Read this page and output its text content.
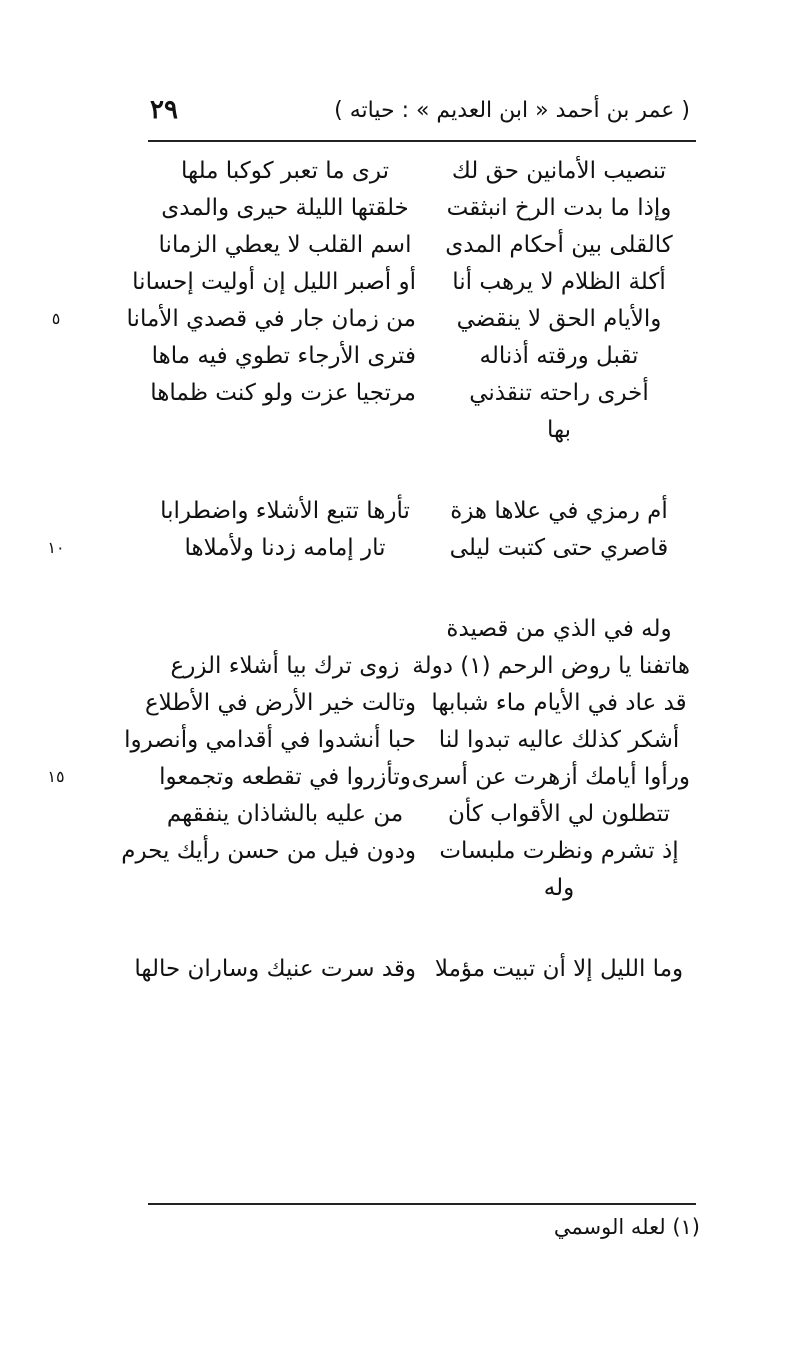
٢٩	( عمر بن أحمد « ابن العديم » : حياته )
تنصيب الأمانين حق لك
ترى ما تعبر كوكبا ملها
وإذا ما بدت الرخ انبثقت
خلقتها الليلة حيرى والمدى
كالقلى بين أحكام المدى
اسم القلب لا يعطي الزمانا
أكلة الظلام لا يرهب أنا
أو أصبر الليل إن أوليت إحسانا
والأيام الحق لا ينقضي
من زمان جار في قصدي الأمانا
٥
تقبل ورقته أذناله
فترى الأرجاء تطوي فيه ماها
أخرى راحته تنقذني
مرتجيا عزت ولو كنت ظماها
بها
أم رمزي في علاها هزة
تأرها تتبع الأشلاء واضطرابا
قاصري حتى كتبت ليلى
تار إمامه زدنا ولأملاها
١٠
وله في الذي من قصيدة
هاتفنا يا روض الرحم (١) دولة
زوى ترك بيا أشلاء الزرع
قد عاد في الأيام ماء شبابها
وتالت خير الأرض في الأطلاع
أشكر كذلك عاليه تبدوا لنا
حبا أنشدوا في أقدامي وأنصروا
ورأوا أيامك أزهرت عن أسرى
وتأزروا في تقطعه وتجمعوا
١٥
تتطلون لي الأقواب كأن
من عليه بالشاذان ينفقهم
إذ تشرم ونظرت ملبسات
ودون فيل من حسن رأيك يحرم
وله
وما الليل إلا أن تبيت مؤملا
وقد سرت عنيك وساران حالها
(١) لعله الوسمي
